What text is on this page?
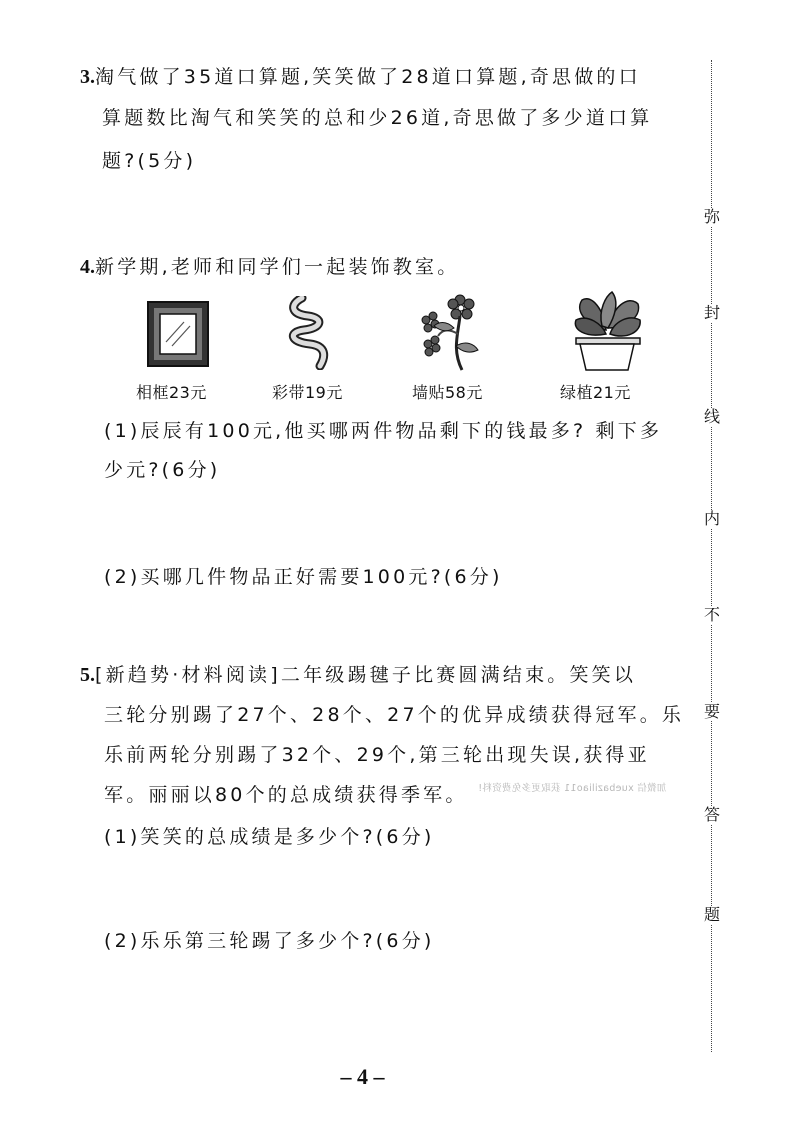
3.淘气做了35道口算题,笑笑做了28道口算题,奇思做的口
算题数比淘气和笑笑的总和少26道,奇思做了多少道口算
题?(5分)
4.新学期,老师和同学们一起装饰教室。
相框23元	彩带19元	墙贴58元	绿植21元
(1)辰辰有100元,他买哪两件物品剩下的钱最多? 剩下多
少元?(6分)
(2)买哪几件物品正好需要100元?(6分)
5.[新趋势·材料阅读]二年级踢毽子比赛圆满结束。笑笑以
三轮分别踢了27个、28个、27个的优异成绩获得冠军。乐
乐前两轮分别踢了32个、29个,第三轮出现失误,获得亚
军。丽丽以80个的总成绩获得季军。 加微信 xuebaziliao11 获取更多免费资料!
(1)笑笑的总成绩是多少个?(6分)
(2)乐乐第三轮踢了多少个?(6分)
弥
封
线
内
不
要
答
题
– 4 –
